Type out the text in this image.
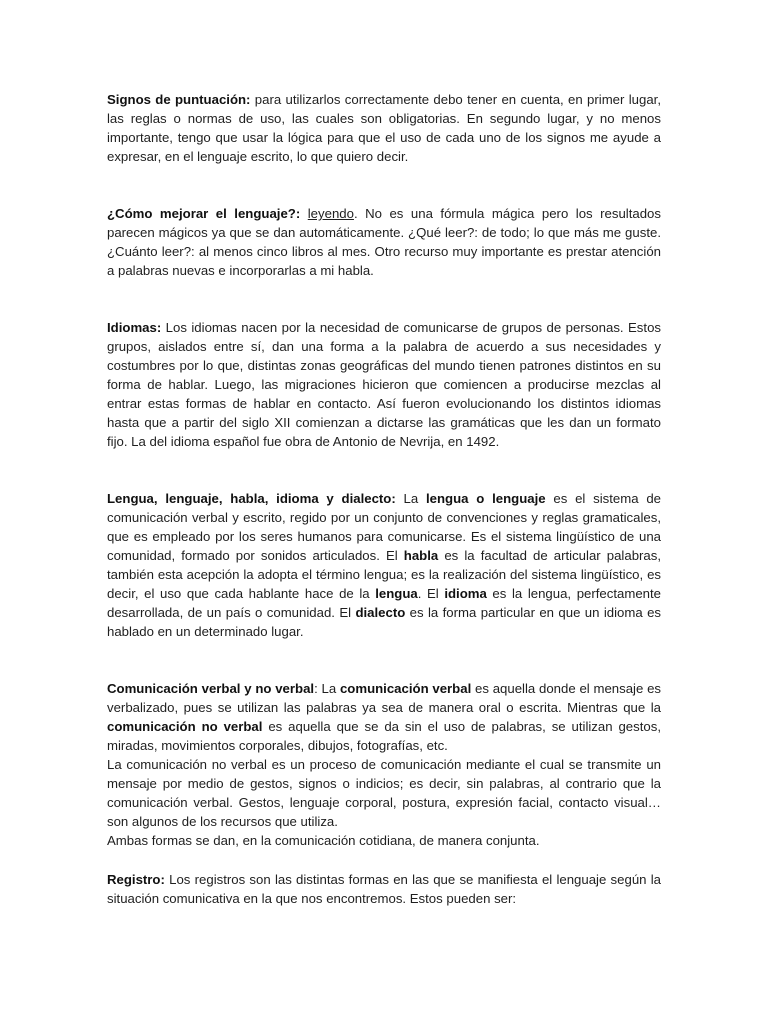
Signos de puntuación: para utilizarlos correctamente debo tener en cuenta, en primer lugar, las reglas o normas de uso, las cuales son obligatorias. En segundo lugar, y no menos importante, tengo que usar la lógica para que el uso de cada uno de los signos me ayude a expresar, en el lenguaje escrito, lo que quiero decir.

¿Cómo mejorar el lenguaje?: leyendo. No es una fórmula mágica pero los resultados parecen mágicos ya que se dan automáticamente. ¿Qué leer?: de todo; lo que más me guste. ¿Cuánto leer?: al menos cinco libros al mes. Otro recurso muy importante es prestar atención a palabras nuevas e incorporarlas a mi habla.

Idiomas: Los idiomas nacen por la necesidad de comunicarse de grupos de personas. Estos grupos, aislados entre sí, dan una forma a la palabra de acuerdo a sus necesidades y costumbres por lo que, distintas zonas geográficas del mundo tienen patrones distintos en su forma de hablar. Luego, las migraciones hicieron que comiencen a producirse mezclas al entrar estas formas de hablar en contacto. Así fueron evolucionando los distintos idiomas hasta que a partir del siglo XII comienzan a dictarse las gramáticas que les dan un formato fijo. La del idioma español fue obra de Antonio de Nevrija, en 1492.

Lengua, lenguaje, habla, idioma y dialecto: La lengua o lenguaje es el sistema de comunicación verbal y escrito, regido por un conjunto de convenciones y reglas gramaticales, que es empleado por los seres humanos para comunicarse. Es el sistema lingüístico de una comunidad, formado por sonidos articulados. El habla es la facultad de articular palabras, también esta acepción la adopta el término lengua; es la realización del sistema lingüístico, es decir, el uso que cada hablante hace de la lengua. El idioma es la lengua, perfectamente desarrollada, de un país o comunidad. El dialecto es la forma particular en que un idioma es hablado en un determinado lugar.

Comunicación verbal y no verbal: La comunicación verbal es aquella donde el mensaje es verbalizado, pues se utilizan las palabras ya sea de manera oral o escrita. Mientras que la comunicación no verbal es aquella que se da sin el uso de palabras, se utilizan gestos, miradas, movimientos corporales, dibujos, fotografías, etc.

La comunicación no verbal es un proceso de comunicación mediante el cual se transmite un mensaje por medio de gestos, signos o indicios; es decir, sin palabras, al contrario que la comunicación verbal. Gestos, lenguaje corporal, postura, expresión facial, contacto visual… son algunos de los recursos que utiliza.

Ambas formas se dan, en la comunicación cotidiana, de manera conjunta.

Registro: Los registros son las distintas formas en las que se manifiesta el lenguaje según la situación comunicativa en la que nos encontremos. Estos pueden ser:
